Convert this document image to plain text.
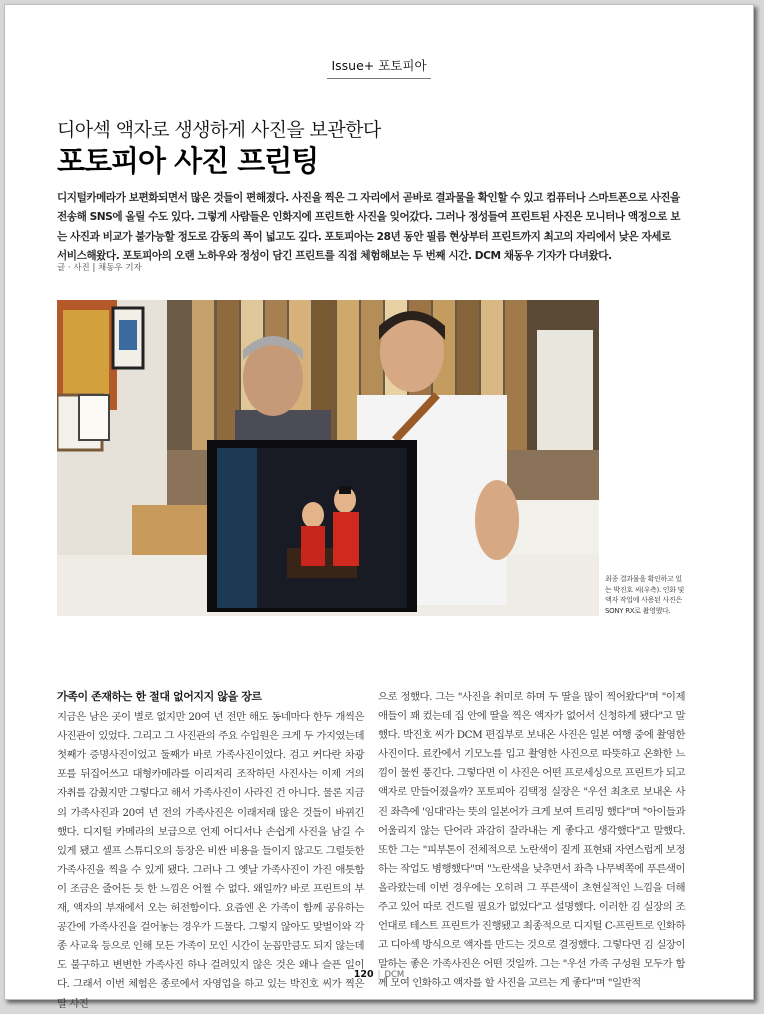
Issue+ 포토피아
디아섹 액자로 생생하게 사진을 보관한다
포토피아 사진 프린팅
디지털카메라가 보편화되면서 많은 것들이 편해졌다. 사진을 찍은 그 자리에서 곧바로 결과물을 확인할 수 있고 컴퓨터나 스마트폰으로 사진을 전송해 SNS에 올릴 수도 있다. 그렇게 사람들은 인화지에 프린트한 사진을 잊어갔다. 그러나 정성들여 프린트된 사진은 모니터나 액정으로 보는 사진과 비교가 불가능할 정도로 감동의 폭이 넓고도 깊다. 포토피아는 28년 동안 필름 현상부터 프린트까지 최고의 자리에서 낮은 자세로 서비스해왔다. 포토피아의 오랜 노하우와 정성이 담긴 프린트를 직접 체험해보는 두 번째 시간. DCM 채동우 기자가 다녀왔다.
글 · 사진 | 채동우 기자
최종 결과물을 확인하고 있는 박진호 씨(우측). 인화 및 액자 작업에 사용된 사진은 SONY RX로 촬영했다.
가족이 존재하는 한 절대 없어지지 않을 장르

지금은 남은 곳이 별로 없지만 20여 년 전만 해도 동네마다 한두 개씩은 사진관이 있었다. 그리고 그 사진관의 주요 수입원은 크게 두 가지였는데 첫째가 증명사진이었고 둘째가 바로 가족사진이었다. 검고 커다란 차광포를 뒤집어쓰고 대형카메라를 이리저리 조작하던 사진사는 이제 거의 자취를 감췄지만 그렇다고 해서 가족사진이 사라진 건 아니다. 물론 지금의 가족사진과 20여 년 전의 가족사진은 이래저래 많은 것들이 바뀌긴 했다. 디지털 카메라의 보급으로 언제 어디서나 손쉽게 사진을 남길 수 있게 됐고 셀프 스튜디오의 등장은 비싼 비용을 들이지 않고도 그럴듯한 가족사진을 찍을 수 있게 됐다. 그러나 그 옛날 가족사진이 가진 애틋함이 조금은 줄어든 듯 한 느낌은 어쩔 수 없다. 왜일까? 바로 프린트의 부재, 액자의 부재에서 오는 허전함이다. 요즘엔 온 가족이 함께 공유하는 공간에 가족사진을 걸어놓는 경우가 드물다. 그렇지 않아도 맞벌이와 각종 사교육 등으로 인해 모든 가족이 모인 시간이 눈꼽만큼도 되지 않는데도 불구하고 변변한 가족사진 하나 걸려있지 않은 것은 왜나 슬픈 일이다. 그래서 이번 체험은 종로에서 자영업을 하고 있는 박진호 씨가 찍은 딸 사진

으로 정했다. 그는 "사진을 취미로 하며 두 딸을 많이 찍어왔다"며 "이제 애들이 꽤 컸는데 집 안에 딸을 찍은 액자가 없어서 신청하게 됐다"고 말했다. 박진호 씨가 DCM 편집부로 보내온 사진은 일본 여행 중에 촬영한 사진이다. 료칸에서 기모노를 입고 촬영한 사진으로 따뜻하고 온화한 느낌이 물씬 풍긴다. 그렇다면 이 사진은 어떤 프로세싱으로 프린트가 되고 액자로 만들어졌을까? 포토피아 김택정 실장은 "우선 최초로 보내온 사진 좌측에 '임대'라는 뜻의 일본어가 크게 보여 트리밍 했다"며 "아이들과 어울리지 않는 단어라 과감히 잘라내는 게 좋다고 생각했다"고 말했다. 또한 그는 "피부톤이 전체적으로 노란색이 짙게 표현돼 자연스럽게 보정하는 작업도 병행했다"며 "노란색을 낮추면서 좌측 나무벽쪽에 푸른색이 올라왔는데 이번 경우에는 오히려 그 푸른색이 초현실적인 느낌을 더해주고 있어 따로 건드릴 필요가 없었다"고 설명했다. 이러한 김 실장의 조언대로 테스트 프린트가 진행됐고 최종적으로 디지털 C-프린트로 인화하고 디아섹 방식으로 액자를 만드는 것으로 결정했다. 그렇다면 김 실장이 말하는 좋은 가족사진은 어떤 것일까. 그는 "우선 가족 구성원 모두가 함께 모여 인화하고 액자를 할 사진을 고르는 게 좋다"며 "일반적

120 | DCM
